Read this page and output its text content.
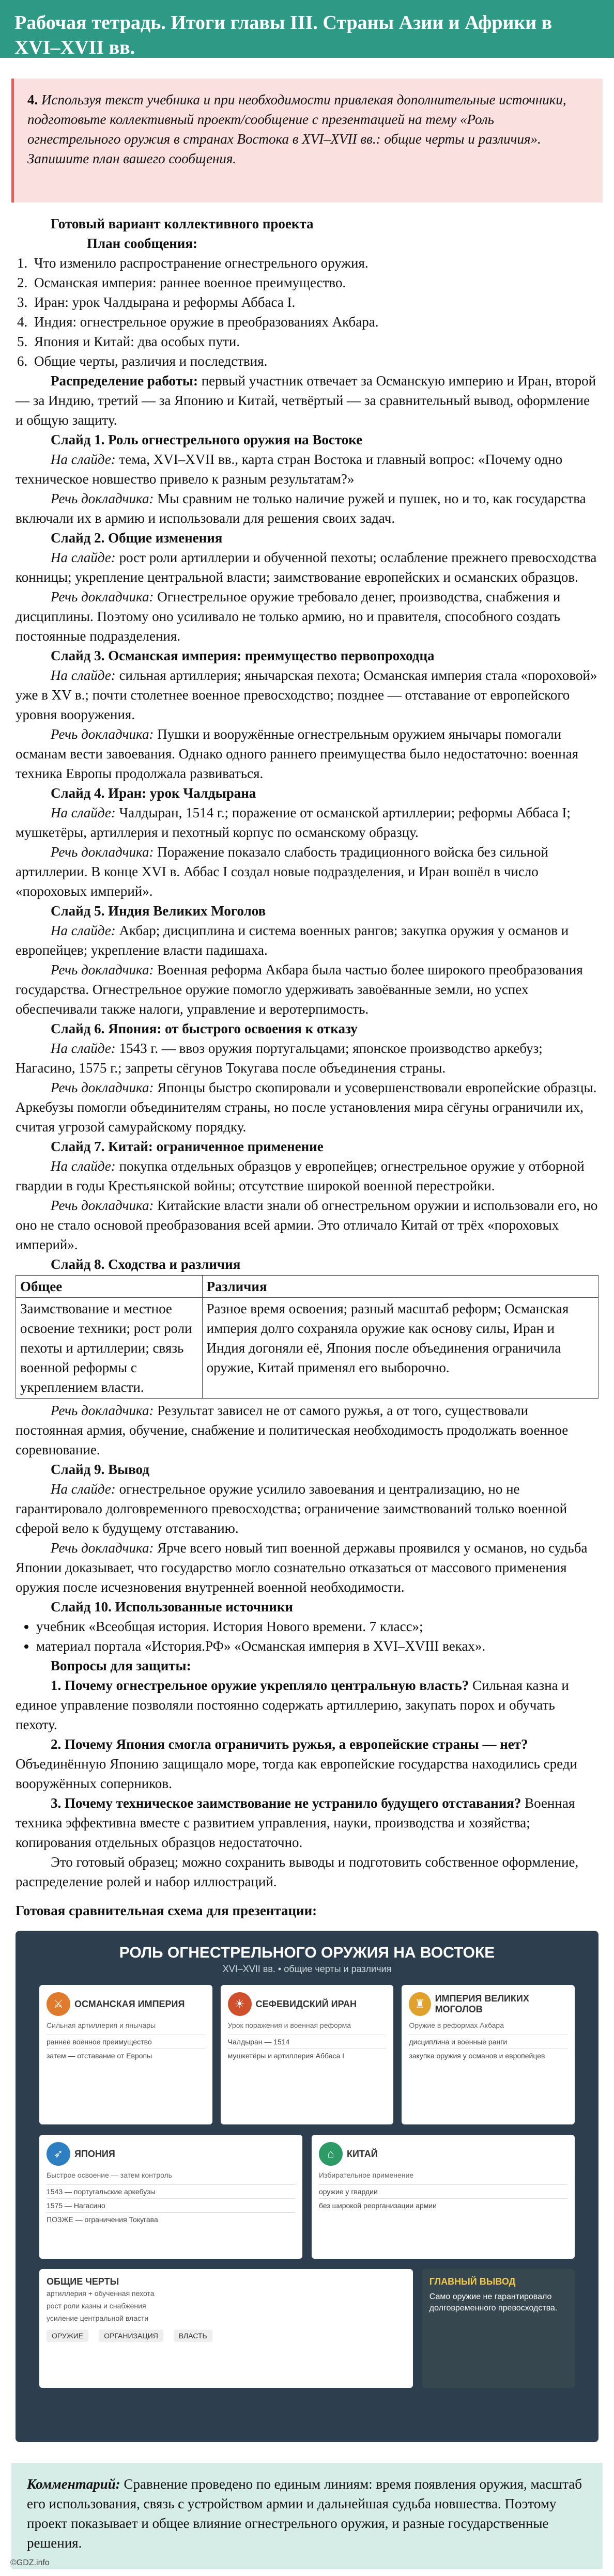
Рабочая тетрадь. Итоги главы III. Страны Азии и Африки в XVI–XVII вв.
4. Используя текст учебника и при необходимости привлекая дополнительные источники, подготовьте коллективный проект/сообщение с презентацией на тему «Роль огнестрельного оружия в странах Востока в XVI–XVII вв.: общие черты и различия». Запишите план вашего сообщения.

Готовый вариант коллективного проекта

План сообщения:

1. Что изменило распространение огнестрельного оружия.
2. Османская империя: раннее военное преимущество.
3. Иран: урок Чалдырана и реформы Аббаса I.
4. Индия: огнестрельное оружие в преобразованиях Акбара.
5. Япония и Китай: два особых пути.
6. Общие черты, различия и последствия.

Распределение работы: первый участник отвечает за Османскую империю и Иран, второй — за Индию, третий — за Японию и Китай, четвёртый — за сравнительный вывод, оформление и общую защиту.

Слайд 1. Роль огнестрельного оружия на Востоке

На слайде: тема, XVI–XVII вв., карта стран Востока и главный вопрос: «Почему одно техническое новшество привело к разным результатам?»

Речь докладчика: Мы сравним не только наличие ружей и пушек, но и то, как государства включали их в армию и использовали для решения своих задач.

Слайд 2. Общие изменения

На слайде: рост роли артиллерии и обученной пехоты; ослабление прежнего превосходства конницы; укрепление центральной власти; заимствование европейских и османских образцов.

Речь докладчика: Огнестрельное оружие требовало денег, производства, снабжения и дисциплины. Поэтому оно усиливало не только армию, но и правителя, способного создать постоянные подразделения.

Слайд 3. Османская империя: преимущество первопроходца

На слайде: сильная артиллерия; янычарская пехота; Османская империя стала «пороховой» уже в XV в.; почти столетнее военное превосходство; позднее — отставание от европейского уровня вооружения.

Речь докладчика: Пушки и вооружённые огнестрельным оружием янычары помогали османам вести завоевания. Однако одного раннего преимущества было недостаточно: военная техника Европы продолжала развиваться.

Слайд 4. Иран: урок Чалдырана

На слайде: Чалдыран, 1514 г.; поражение от османской артиллерии; реформы Аббаса I; мушкетёры, артиллерия и пехотный корпус по османскому образцу.

Речь докладчика: Поражение показало слабость традиционного войска без сильной артиллерии. В конце XVI в. Аббас I создал новые подразделения, и Иран вошёл в число «пороховых империй».

Слайд 5. Индия Великих Моголов

На слайде: Акбар; дисциплина и система военных рангов; закупка оружия у османов и европейцев; укрепление власти падишаха.

Речь докладчика: Военная реформа Акбара была частью более широкого преобразования государства. Огнестрельное оружие помогло удерживать завоёванные земли, но успех обеспечивали также налоги, управление и веротерпимость.

Слайд 6. Япония: от быстрого освоения к отказу

На слайде: 1543 г. — ввоз оружия португальцами; японское производство аркебуз; Нагасино, 1575 г.; запреты сёгунов Токугава после объединения страны.

Речь докладчика: Японцы быстро скопировали и усовершенствовали европейские образцы. Аркебузы помогли объединителям страны, но после установления мира сёгуны ограничили их, считая угрозой самурайскому порядку.

Слайд 7. Китай: ограниченное применение

На слайде: покупка отдельных образцов у европейцев; огнестрельное оружие у отборной гвардии в годы Крестьянской войны; отсутствие широкой военной перестройки.

Речь докладчика: Китайские власти знали об огнестрельном оружии и использовали его, но оно не стало основой преобразования всей армии. Это отличало Китай от трёх «пороховых империй».

Слайд 8. Сходства и различия

Общее	Различия
Заимствование и местное освоение техники; рост роли пехоты и артиллерии; связь военной реформы с укреплением власти.	Разное время освоения; разный масштаб реформ; Османская империя долго сохраняла оружие как основу силы, Иран и Индия догоняли её, Япония после объединения ограничила оружие, Китай применял его выборочно.

Речь докладчика: Результат зависел не от самого ружья, а от того, существовали постоянная армия, обучение, снабжение и политическая необходимость продолжать военное соревнование.

Слайд 9. Вывод

На слайде: огнестрельное оружие усилило завоевания и централизацию, но не гарантировало долговременного превосходства; ограничение заимствований только военной сферой вело к будущему отставанию.

Речь докладчика: Ярче всего новый тип военной державы проявился у османов, но судьба Японии доказывает, что государство могло сознательно отказаться от массового применения оружия после исчезновения внутренней военной необходимости.

Слайд 10. Использованные источники

• учебник «Всеобщая история. История Нового времени. 7 класс»;
• материал портала «История.РФ» «Османская империя в XVI–XVIII веках».

Вопросы для защиты:

1. Почему огнестрельное оружие укрепляло центральную власть? Сильная казна и единое управление позволяли постоянно содержать артиллерию, закупать порох и обучать пехоту.

2. Почему Япония смогла ограничить ружья, а европейские страны — нет? Объединённую Японию защищало море, тогда как европейские государства находились среди вооружённых соперников.

3. Почему техническое заимствование не устранило будущего отставания? Военная техника эффективна вместе с развитием управления, науки, производства и хозяйства; копирования отдельных образцов недостаточно.

Это готовый образец; можно сохранить выводы и подготовить собственное оформление, распределение ролей и набор иллюстраций.

Готовая сравнительная схема для презентации:

РОЛЬ ОГНЕСТРЕЛЬНОГО ОРУЖИЯ НА ВОСТОКЕ
XVI–XVII вв. • общие черты и различия
⚔	ОСМАНСКАЯ ИМПЕРИЯ
Сильная артиллерия и янычары
раннее военное преимущество
затем — отставание от Европы
☀	СЕФЕВИДСКИЙ ИРАН
Урок поражения и военная реформа
Чалдыран — 1514
мушкетёры и артиллерия Аббаса I
♜	ИМПЕРИЯ ВЕЛИКИХ МОГОЛОВ
Оружие в реформах Акбара
дисциплина и военные ранги
закупка оружия у османов и европейцев
➶	ЯПОНИЯ
Быстрое освоение — затем контроль
1543 — португальские аркебузы
1575 — Нагасино
ПОЗЖЕ — ограничения Токугава
⌂	КИТАЙ
Избирательное применение
оружие у гвардии
без широкой реорганизации армии
ОБЩИЕ ЧЕРТЫ
артиллерия + обученная пехота
рост роли казны и снабжения
усиление центральной власти
ОРУЖИЕ	ОРГАНИЗАЦИЯ	ВЛАСТЬ
ГЛАВНЫЙ ВЫВОД
Само оружие не гарантировало долговременного превосходства.
Комментарий: Сравнение проведено по единым линиям: время появления оружия, масштаб его использования, связь с устройством армии и дальнейшая судьба новшества. Поэтому проект показывает и общее влияние огнестрельного оружия, и разные государственные решения.
©GDZ.info
